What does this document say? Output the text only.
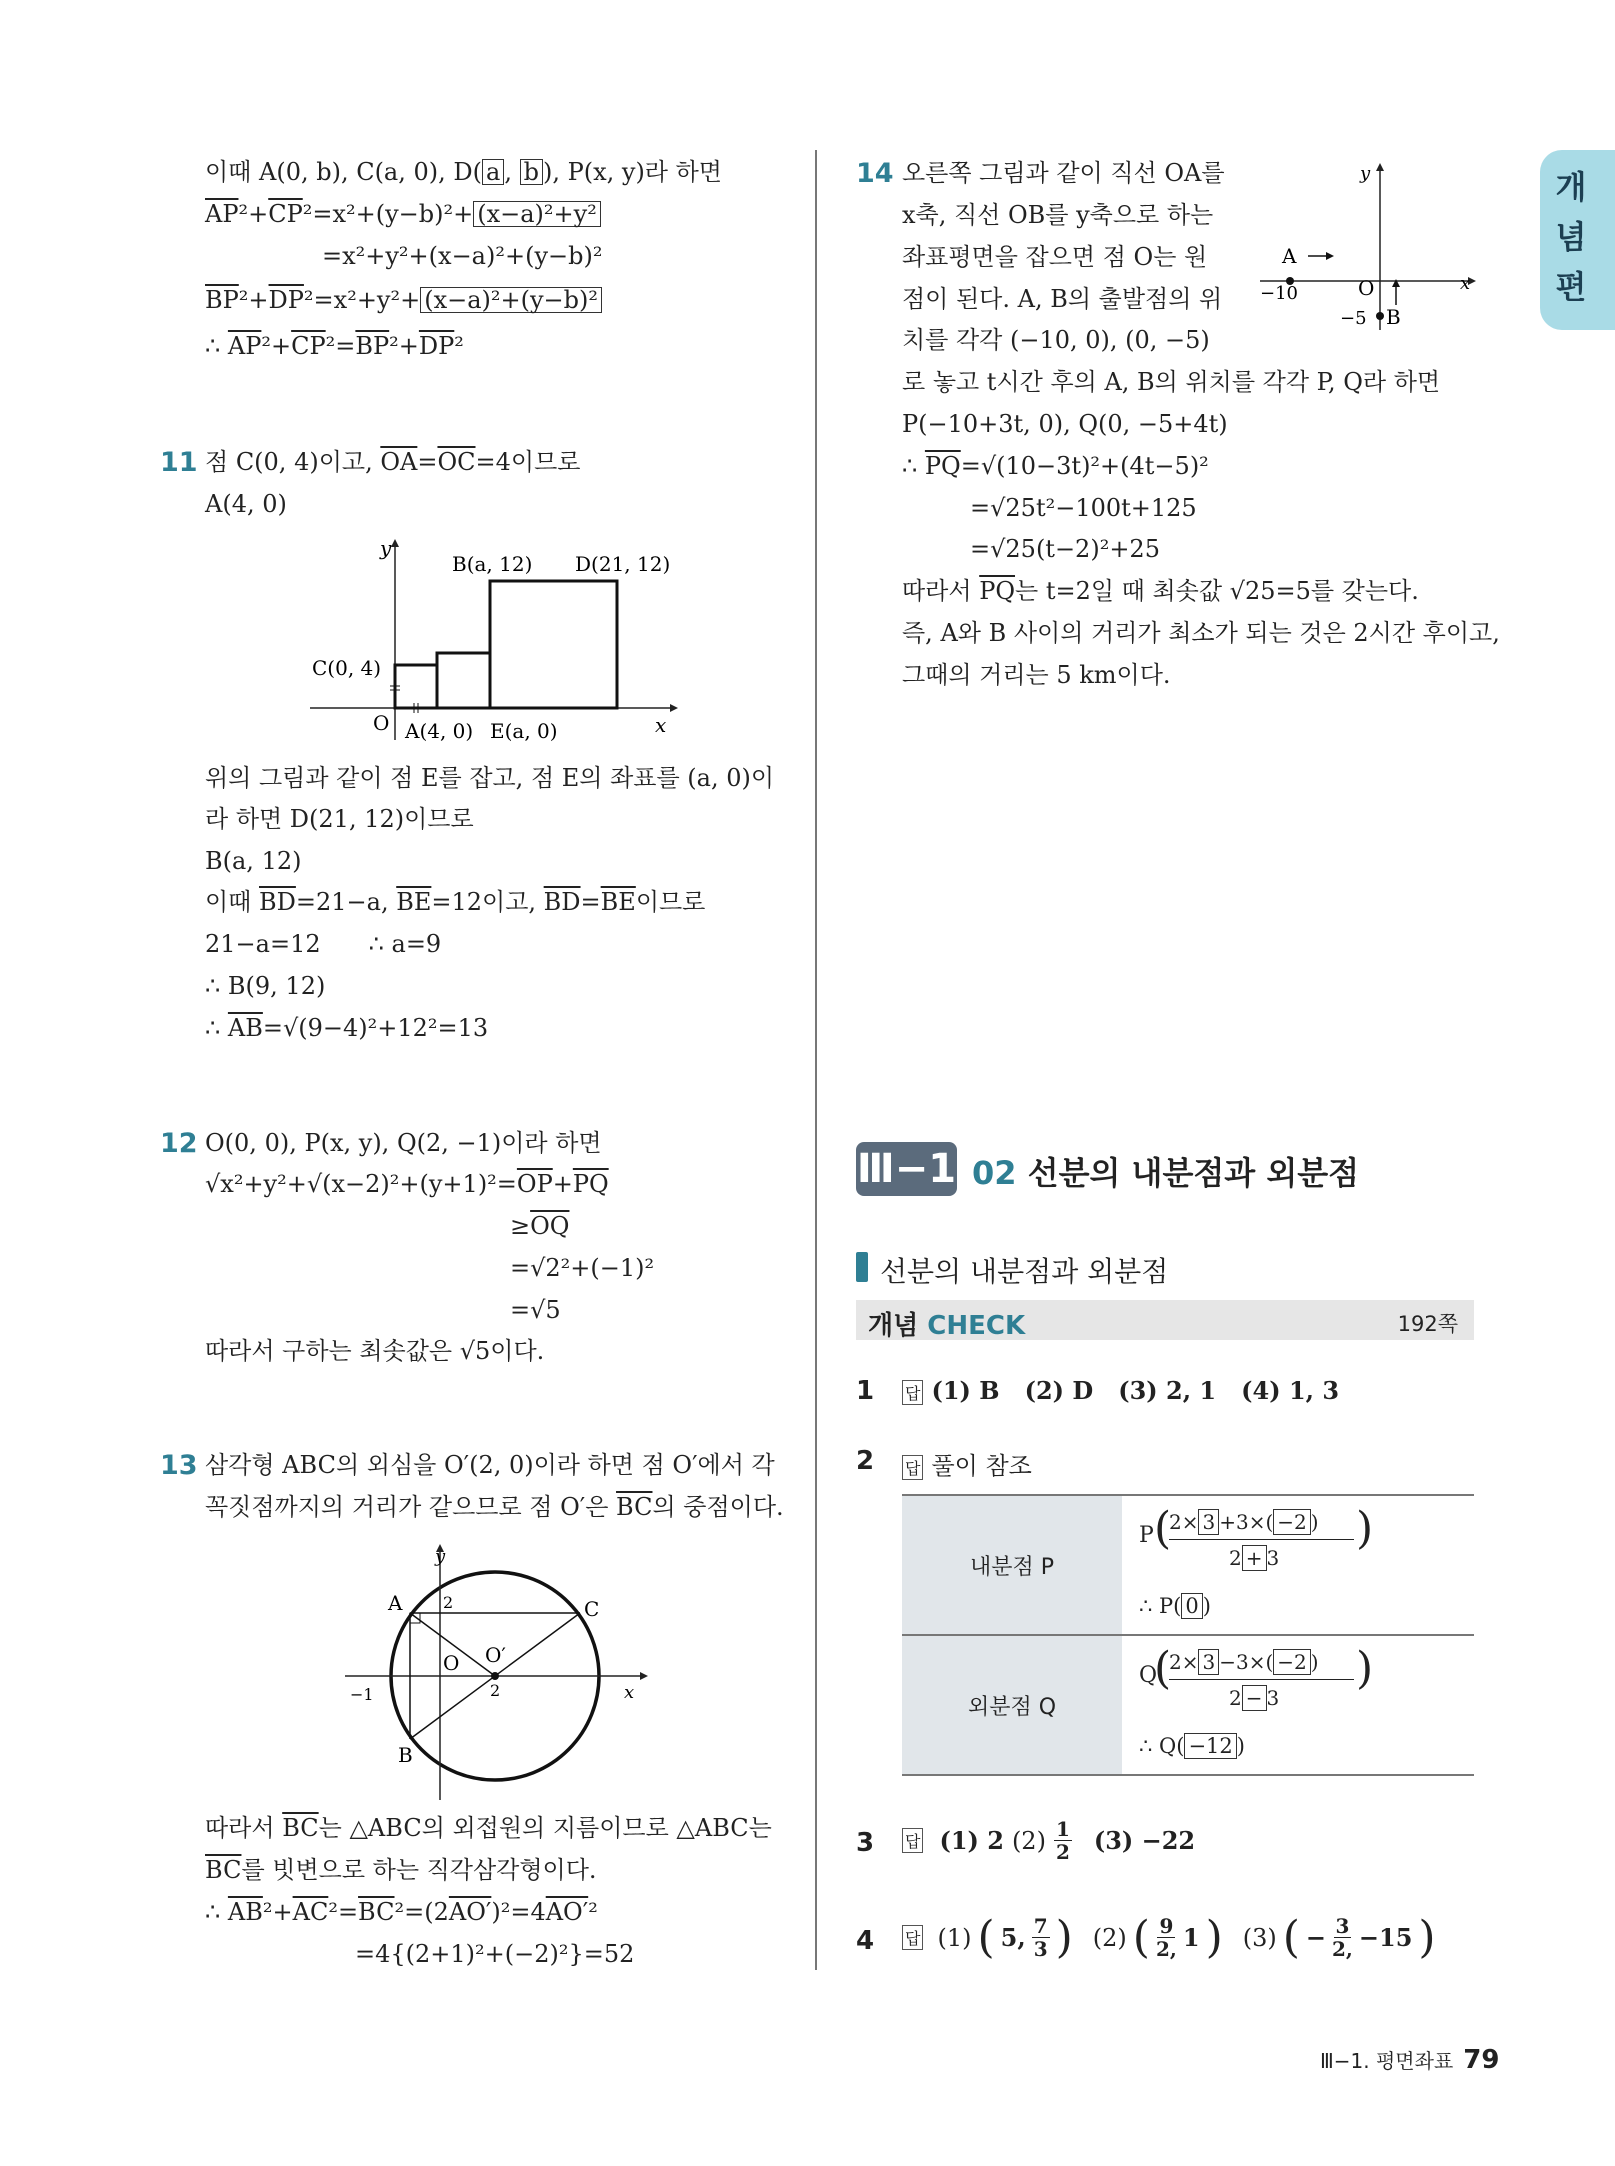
개
념
편
이때 A(0, b), C(a, 0), D( a , b ), P(x, y)라 하면
$\overline{AP}^2+\overline{CP}^2=x^2+(y-b)^2+ (x-a)^2+y^2$
=x²+y²+(x−a)²+(y−b)²
$\overline{BP}^2+\overline{DP}^2=x^2+y^2+ (x-a)^2+(y-b)^2$
∴ $\overline{AP}^2+\overline{CP}^2=\overline{BP}^2+\overline{DP}^2$
11 점 C(0, 4)이고, $\overline{OA}=\overline{OC}=4$이므로
A(4, 0)
y
x
O
B(a, 12) D(21, 12)
C(0, 4)
A(4, 0) E(a, 0)
위의 그림과 같이 점 E를 잡고, 점 E의 좌표를 (a, 0)이
라 하면 D(21, 12)이므로
B(a, 12)
이때 $\overline{BD}=21-a$, $\overline{BE}=12$이고, $\overline{BD}=\overline{BE}$이므로
21−a=12 ∴ a=9
∴ B(9, 12)
∴ $\overline{AB}=√(9-4)^2+12^2=13$
12 O(0, 0), P(x, y), Q(2, −1)이라 하면
$√x^2+y^2+√(x-2)^2+(y+1)^2=\overline{OP}+\overline{PQ}$
$\ge\overline{OQ}$
=√2²+(−1)²
=√5
따라서 구하는 최솟값은 √5이다.
13 삼각형 ABC의 외심을 O′(2, 0)이라 하면 점 O′에서 각
꼭짓점까지의 거리가 같으므로 점 O′은 $\overline{BC}$의 중점이다.
y
x
A
B
C
O O′
2
2
−1
따라서 $\overline{BC}$는 △ABC의 외접원의 지름이므로 △ABC는
$\overline{BC}$를 빗변으로 하는 직각삼각형이다.
∴ $\overline{AB}^2+\overline{AC}^2=\overline{BC}^2=(2AO')^2=4AO'^2$
=4{(2+1)²+(−2)²}=52
14 오른쪽 그림과 같이 직선 OA를
x축, 직선 OB를 y축으로 하는
좌표평면을 잡으면 점 O는 원
점이 된다. A, B의 출발점의 위
치를 각각 (−10, 0), (0, −5)
로 놓고 t시간 후의 A, B의 위치를 각각 P, Q라 하면
P(−10+3t, 0), Q(0, −5+4t)
∴ $\overline{PQ}=√(10-3t)^2+(4t-5)^2$
=√25t²−100t+125
=√25(t−2)²+25
따라서 $\overline{PQ}$는 t=2일 때 최솟값 √25=5를 갖는다.
즉, A와 B 사이의 거리가 최소가 되는 것은 2시간 후이고,
그때의 거리는 5 km이다.
y
x
A
O
−10
−5 B
Ⅲ−1 02 선분의 내분점과 외분점
선분의 내분점과 외분점
개념 CHECK	192쪽
1 답 (1) B   (2) D   (3) 2, 1   (4) 1, 3
2 답 풀이 참조
내분점 P
P (
2× 3 +3×( −2 )
2 + 3
)
∴ P( 0 )
외분점 Q
Q
(
2× 3 −3×( −2 )
2 − 3
)
∴ Q( −12 )
3 답 (1) 2 (2) 1
2 (3) −22
4 답 (1) ( 5, 7
3 ) (2) ( 9
2, 1 ) (3) ( − $\frac{3}{2,} -15$ )
Ⅲ−1. 평면좌표 79
